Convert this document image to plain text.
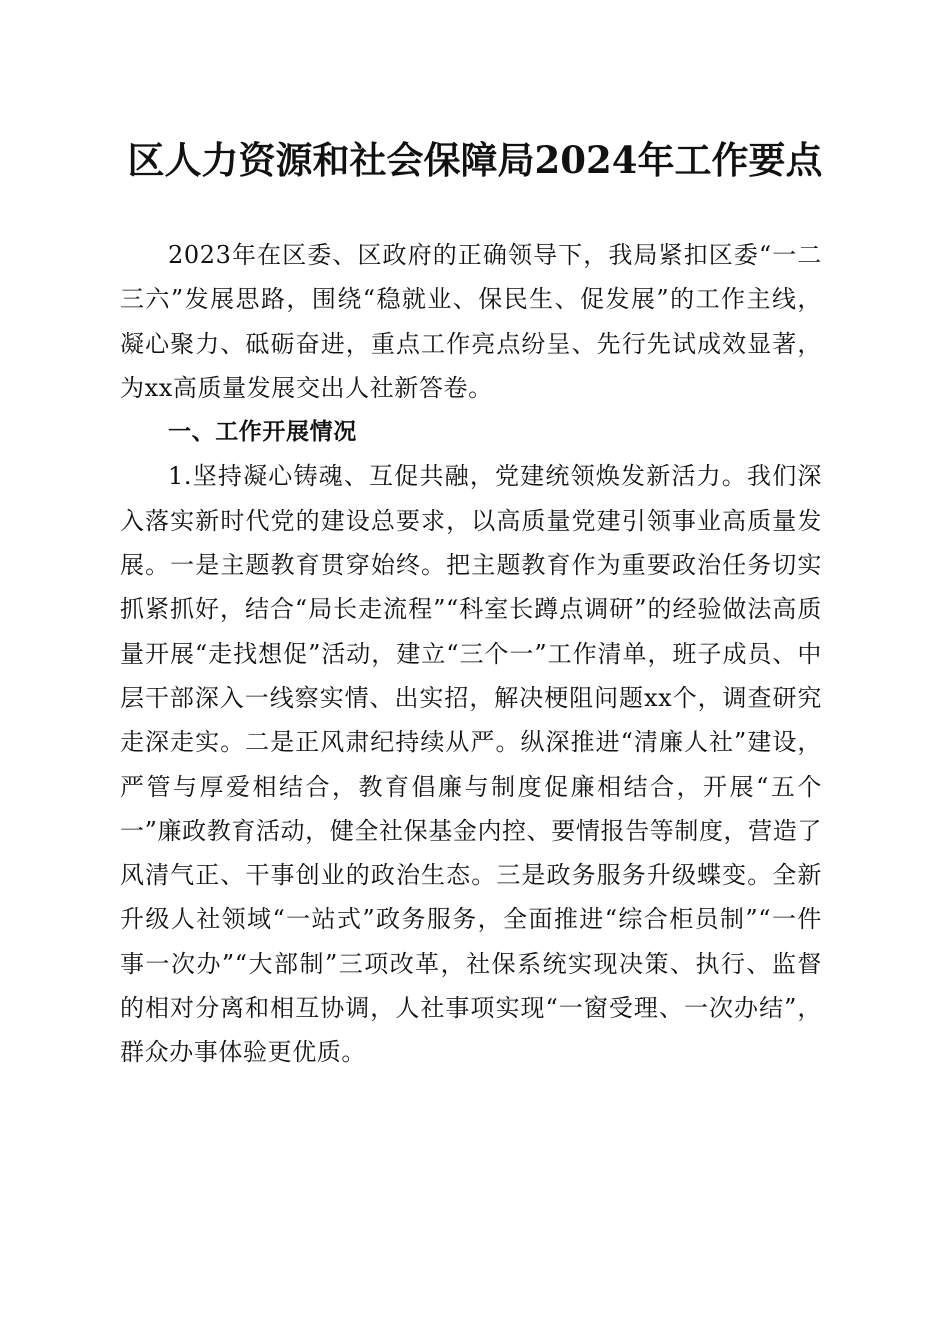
区人力资源和社会保障局2024年工作要点

2023年在区委、区政府的正确领导下，我局紧扣区委“一二三六”发展思路，围绕“稳就业、保民生、促发展”的工作主线，凝心聚力、砥砺奋进，重点工作亮点纷呈、先行先试成效显著，为xx高质量发展交出人社新答卷。

一、工作开展情况

1.坚持凝心铸魂、互促共融，党建统领焕发新活力。我们深入落实新时代党的建设总要求，以高质量党建引领事业高质量发展。一是主题教育贯穿始终。把主题教育作为重要政治任务切实抓紧抓好，结合“局长走流程”“科室长蹲点调研”的经验做法高质量开展“走找想促”活动，建立“三个一”工作清单，班子成员、中层干部深入一线察实情、出实招，解决梗阻问题xx个，调查研究走深走实。二是正风肃纪持续从严。纵深推进“清廉人社”建设，严管与厚爱相结合，教育倡廉与制度促廉相结合，开展“五个一”廉政教育活动，健全社保基金内控、要情报告等制度，营造了风清气正、干事创业的政治生态。三是政务服务升级蝶变。全新升级人社领域“一站式”政务服务，全面推进“综合柜员制”“一件事一次办”“大部制”三项改革，社保系统实现决策、执行、监督的相对分离和相互协调，人社事项实现“一窗受理、一次办结”，群众办事体验更优质。
